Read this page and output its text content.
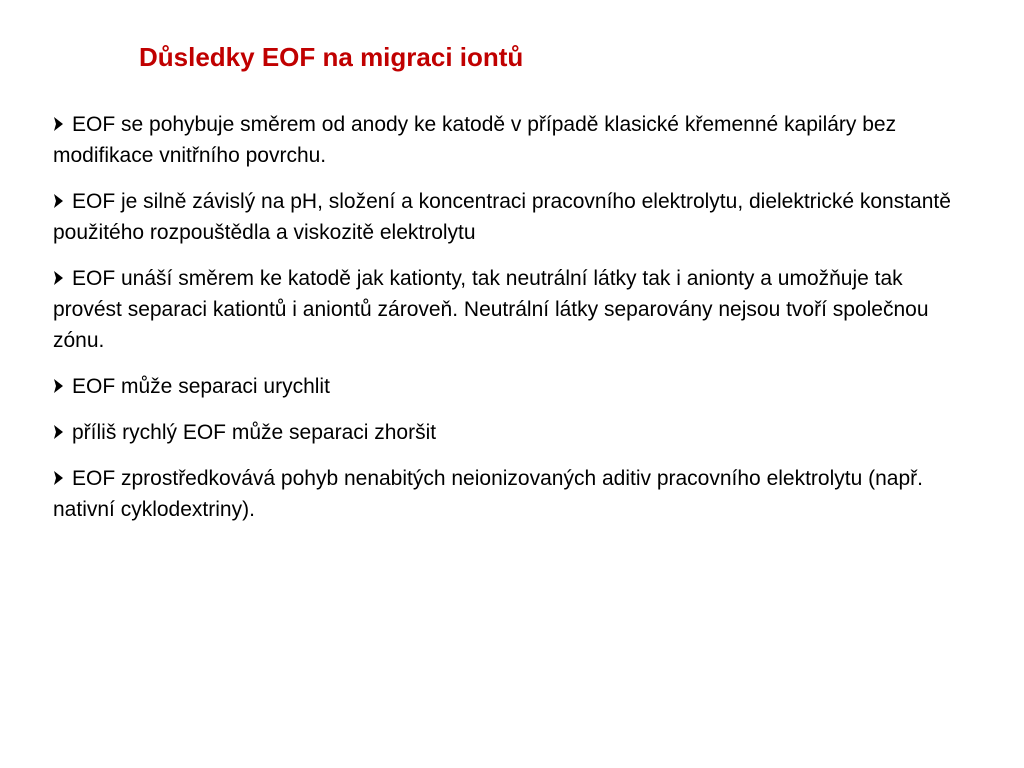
Důsledky EOF na migraci iontů
EOF se pohybuje směrem od anody ke katodě v případě klasické křemenné kapiláry bez modifikace vnitřního povrchu.
EOF je silně závislý na pH, složení a koncentraci pracovního elektrolytu, dielektrické konstantě použitého rozpouštědla a viskozitě elektrolytu
EOF unáší směrem ke katodě jak kationty, tak neutrální látky tak i anionty a umožňuje tak provést separaci kationtů i aniontů zároveň. Neutrální látky separovány nejsou tvoří společnou zónu.
EOF může separaci urychlit
příliš rychlý EOF může separaci zhoršit
EOF zprostředkovává pohyb nenabitých neionizovaných aditiv pracovního elektrolytu (např. nativní cyklodextriny).
